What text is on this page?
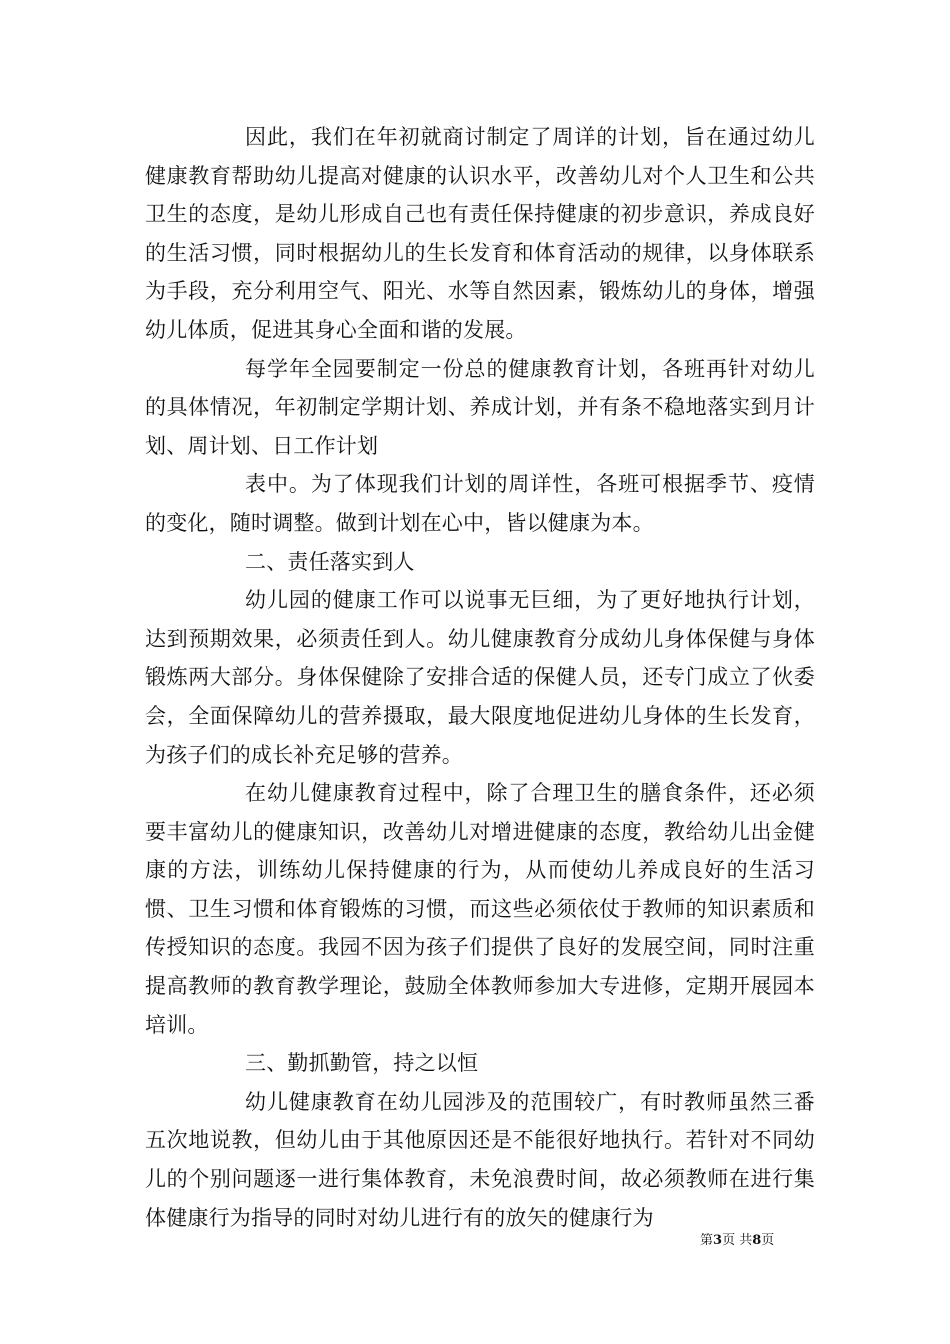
因此，我们在年初就商讨制定了周详的计划，旨在通过幼儿健康教育帮助幼儿提高对健康的认识水平，改善幼儿对个人卫生和公共卫生的态度，是幼儿形成自己也有责任保持健康的初步意识，养成良好的生活习惯，同时根据幼儿的生长发育和体育活动的规律，以身体联系为手段，充分利用空气、阳光、水等自然因素，锻炼幼儿的身体，增强幼儿体质，促进其身心全面和谐的发展。

每学年全园要制定一份总的健康教育计划，各班再针对幼儿的具体情况，年初制定学期计划、养成计划，并有条不稳地落实到月计划、周计划、日工作计划

表中。为了体现我们计划的周详性，各班可根据季节、疫情的变化，随时调整。做到计划在心中，皆以健康为本。

二、责任落实到人

幼儿园的健康工作可以说事无巨细，为了更好地执行计划，达到预期效果，必须责任到人。幼儿健康教育分成幼儿身体保健与身体锻炼两大部分。身体保健除了安排合适的保健人员，还专门成立了伙委会，全面保障幼儿的营养摄取，最大限度地促进幼儿身体的生长发育，为孩子们的成长补充足够的营养。

在幼儿健康教育过程中，除了合理卫生的膳食条件，还必须要丰富幼儿的健康知识，改善幼儿对增进健康的态度，教给幼儿出金健康的方法，训练幼儿保持健康的行为，从而使幼儿养成良好的生活习惯、卫生习惯和体育锻炼的习惯，而这些必须依仗于教师的知识素质和传授知识的态度。我园不因为孩子们提供了良好的发展空间，同时注重提高教师的教育教学理论，鼓励全体教师参加大专进修，定期开展园本培训。

三、勤抓勤管，持之以恒

幼儿健康教育在幼儿园涉及的范围较广，有时教师虽然三番五次地说教，但幼儿由于其他原因还是不能很好地执行。若针对不同幼儿的个别问题逐一进行集体教育，未免浪费时间，故必须教师在进行集体健康行为指导的同时对幼儿进行有的放矢的健康行为

第3页 共8页
